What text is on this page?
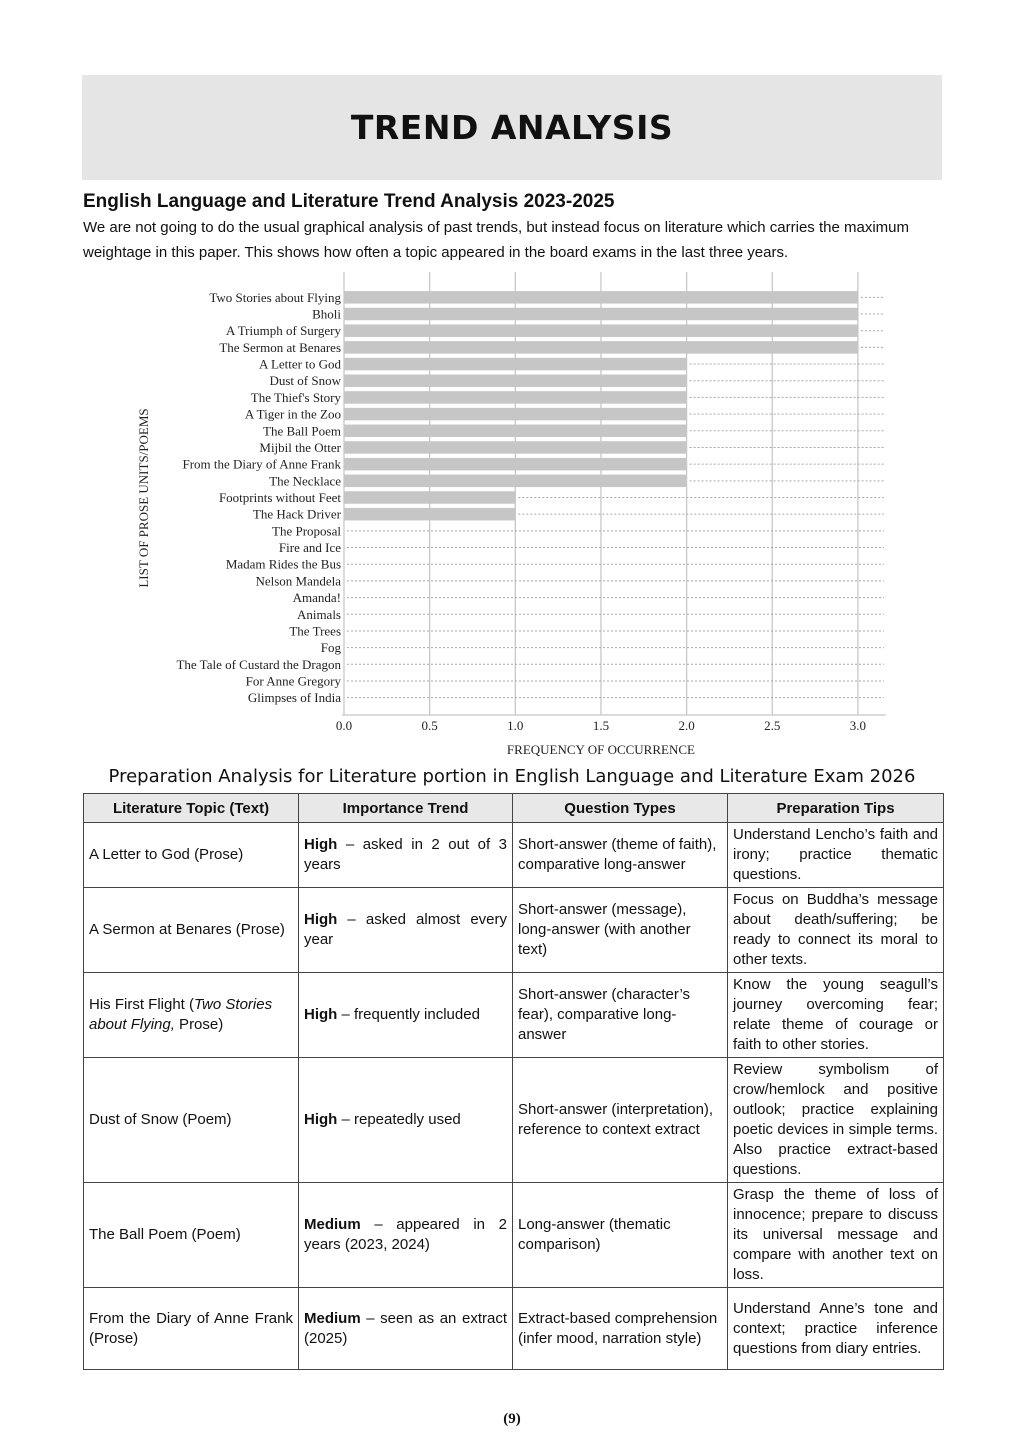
TREND ANALYSIS
English Language and Literature Trend Analysis 2023-2025

We are not going to do the usual graphical analysis of past trends, but instead focus on literature which carries the maximum weightage in this paper. This shows how often a topic appeared in the board exams in the last three years.

Two Stories about Flying
Bholi
A Triumph of Surgery
The Sermon at Benares
A Letter to God
Dust of Snow
The Thief's Story
A Tiger in the Zoo
The Ball Poem
Mijbil the Otter
From the Diary of Anne Frank
The Necklace
Footprints without Feet
The Hack Driver
The Proposal
Fire and Ice
Madam Rides the Bus
Nelson Mandela
Amanda!
Animals
The Trees
Fog
The Tale of Custard the Dragon
For Anne Gregory
Glimpses of India
0.0	0.5	1.0	1.5	2.0	2.5	3.0
FREQUENCY OF OCCURRENCE
LIST OF PROSE UNITS/POEMS

Preparation Analysis for Literature portion in English Language and Literature Exam 2026

Literature Topic (Text)	Importance Trend	Question Types	Preparation Tips
A Letter to God (Prose)	High – asked in 2 out of 3 years	Short-answer (theme of faith), comparative long-answer	Understand Lencho’s faith and irony; practice thematic questions.
A Sermon at Benares (Prose)	High – asked almost every year	Short-answer (message), long-answer (with another text)	Focus on Buddha’s message about death/suffering; be ready to connect its moral to other texts.
His First Flight (Two Stories about Flying, Prose)	High – frequently included	Short-answer (character’s fear), comparative long-answer	Know the young seagull’s journey overcoming fear; relate theme of courage or faith to other stories.
Dust of Snow (Poem)	High – repeatedly used	Short-answer (interpretation), reference to context extract	Review symbolism of crow/hemlock and positive outlook; practice explaining poetic devices in simple terms. Also practice extract-based questions.
The Ball Poem (Poem)	Medium – appeared in 2 years (2023, 2024)	Long-answer (thematic comparison)	Grasp the theme of loss of innocence; prepare to discuss its universal message and compare with another text on loss.
From the Diary of Anne Frank (Prose)	Medium – seen as an extract (2025)	Extract-based comprehension (infer mood, narration style)	Understand Anne’s tone and context; practice inference questions from diary entries.

(9)
